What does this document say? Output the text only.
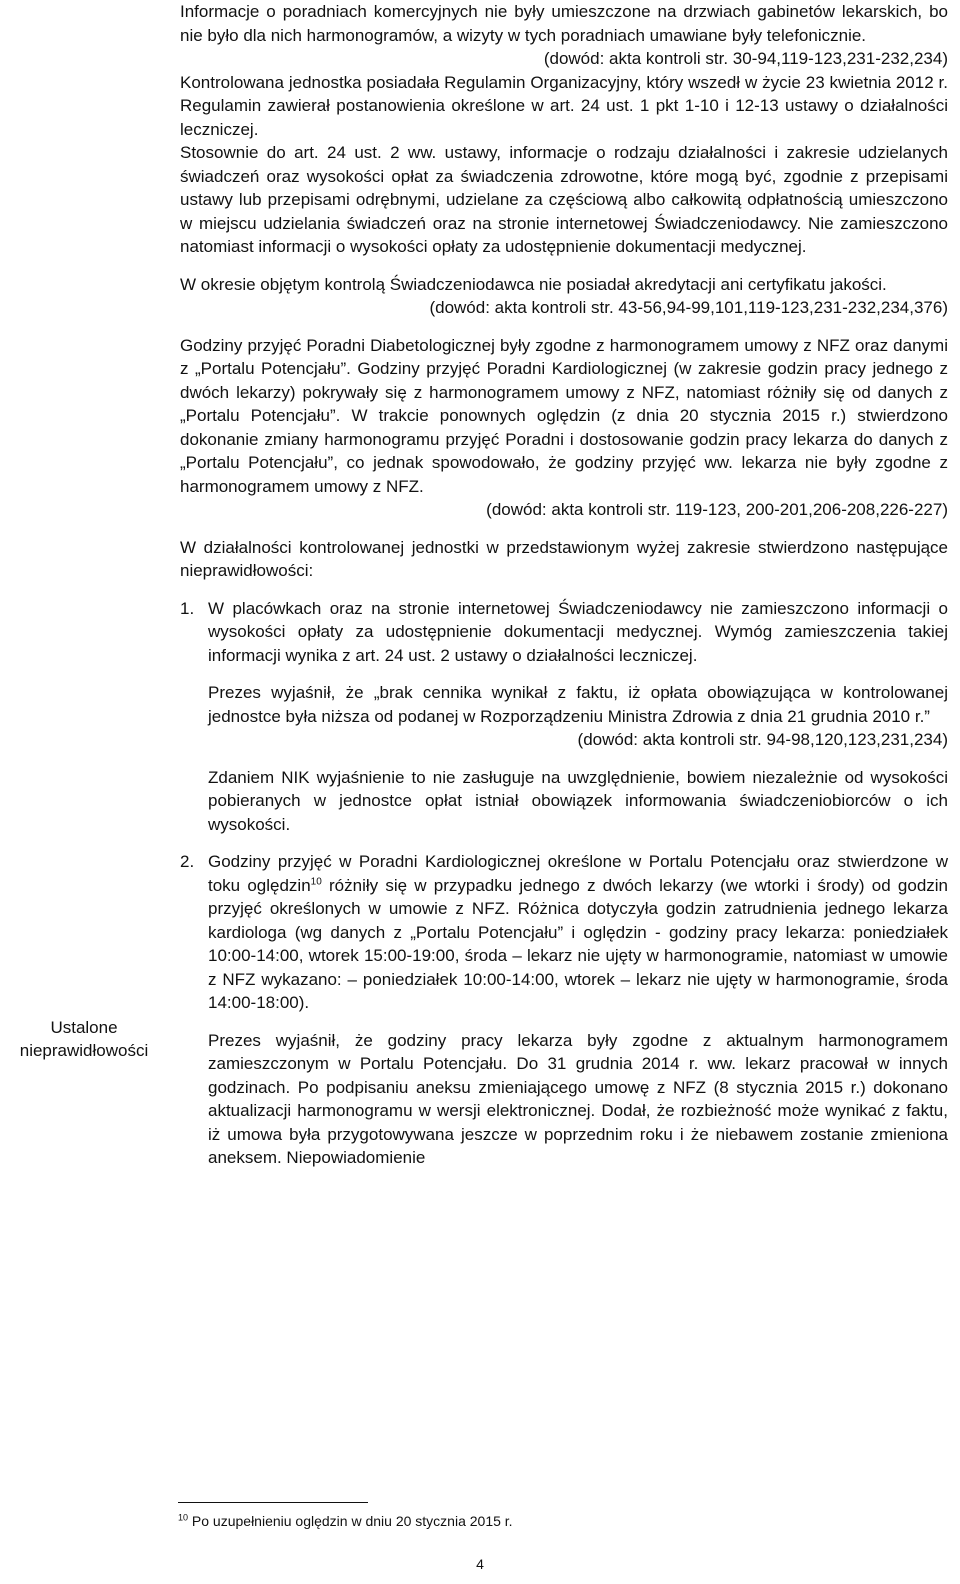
Ustalone nieprawidłowości

Informacje o poradniach komercyjnych nie były umieszczone na drzwiach gabinetów lekarskich, bo nie było dla nich harmonogramów, a wizyty w tych poradniach umawiane były telefonicznie.

(dowód: akta kontroli str. 30-94,119-123,231-232,234)

Kontrolowana jednostka posiadała Regulamin Organizacyjny, który wszedł w życie 23 kwietnia 2012 r. Regulamin zawierał postanowienia określone w art. 24 ust. 1 pkt 1-10 i 12-13 ustawy o działalności leczniczej.

Stosownie do art. 24 ust. 2 ww. ustawy, informacje o rodzaju działalności i zakresie udzielanych świadczeń oraz wysokości opłat za świadczenia zdrowotne, które mogą być, zgodnie z przepisami ustawy lub przepisami odrębnymi, udzielane za częściową albo całkowitą odpłatnością umieszczono w miejscu udzielania świadczeń oraz na stronie internetowej Świadczeniodawcy. Nie zamieszczono natomiast informacji o wysokości opłaty za udostępnienie dokumentacji medycznej.

W okresie objętym kontrolą Świadczeniodawca nie posiadał akredytacji ani certyfikatu jakości.

(dowód: akta kontroli str. 43-56,94-99,101,119-123,231-232,234,376)

Godziny przyjęć Poradni Diabetologicznej były zgodne z harmonogramem umowy z NFZ oraz danymi z „Portalu Potencjału”. Godziny przyjęć Poradni Kardiologicznej (w zakresie godzin pracy jednego z dwóch lekarzy) pokrywały się z harmonogramem umowy z NFZ, natomiast różniły się od danych z „Portalu Potencjału”. W trakcie ponownych oględzin (z dnia 20 stycznia 2015 r.) stwierdzono dokonanie zmiany harmonogramu przyjęć Poradni i dostosowanie godzin pracy lekarza do danych z „Portalu Potencjału”, co jednak spowodowało, że godziny przyjęć ww. lekarza nie były zgodne z harmonogramem umowy z NFZ.

(dowód: akta kontroli str. 119-123, 200-201,206-208,226-227)

W działalności kontrolowanej jednostki w przedstawionym wyżej zakresie stwierdzono następujące nieprawidłowości:

1. W placówkach oraz na stronie internetowej Świadczeniodawcy nie zamieszczono informacji o wysokości opłaty za udostępnienie dokumentacji medycznej. Wymóg zamieszczenia takiej informacji wynika z art. 24 ust. 2 ustawy o działalności leczniczej.

Prezes wyjaśnił, że „brak cennika wynikał z faktu, iż opłata obowiązująca w kontrolowanej jednostce była niższa od podanej w Rozporządzeniu Ministra Zdrowia z dnia 21 grudnia 2010 r.”

(dowód: akta kontroli str. 94-98,120,123,231,234)

Zdaniem NIK wyjaśnienie to nie zasługuje na uwzględnienie, bowiem niezależnie od wysokości pobieranych w jednostce opłat istniał obowiązek informowania świadczeniobiorców o ich wysokości.

2. Godziny przyjęć w Poradni Kardiologicznej określone w Portalu Potencjału oraz stwierdzone w toku oględzin$^{10}$ różniły się w przypadku jednego z dwóch lekarzy (we wtorki i środy) od godzin przyjęć określonych w umowie z NFZ. Różnica dotyczyła godzin zatrudnienia jednego lekarza kardiologa (wg danych z „Portalu Potencjału” i oględzin - godziny pracy lekarza: poniedziałek 10:00-14:00, wtorek 15:00-19:00, środa – lekarz nie ujęty w harmonogramie, natomiast w umowie z NFZ wykazano: – poniedziałek 10:00-14:00, wtorek – lekarz nie ujęty w harmonogramie, środa 14:00-18:00).

Prezes wyjaśnił, że godziny pracy lekarza były zgodne z aktualnym harmonogramem zamieszczonym w Portalu Potencjału. Do 31 grudnia 2014 r. ww. lekarz pracował w innych godzinach. Po podpisaniu aneksu zmieniającego umowę z NFZ (8 stycznia 2015 r.) dokonano aktualizacji harmonogramu w wersji elektronicznej. Dodał, że rozbieżność może wynikać z faktu, iż umowa była przygotowywana jeszcze w poprzednim roku i że niebawem zostanie zmieniona aneksem. Niepowiadomienie

$^{10}$ Po uzupełnieniu oględzin w dniu 20 stycznia 2015 r.
4
